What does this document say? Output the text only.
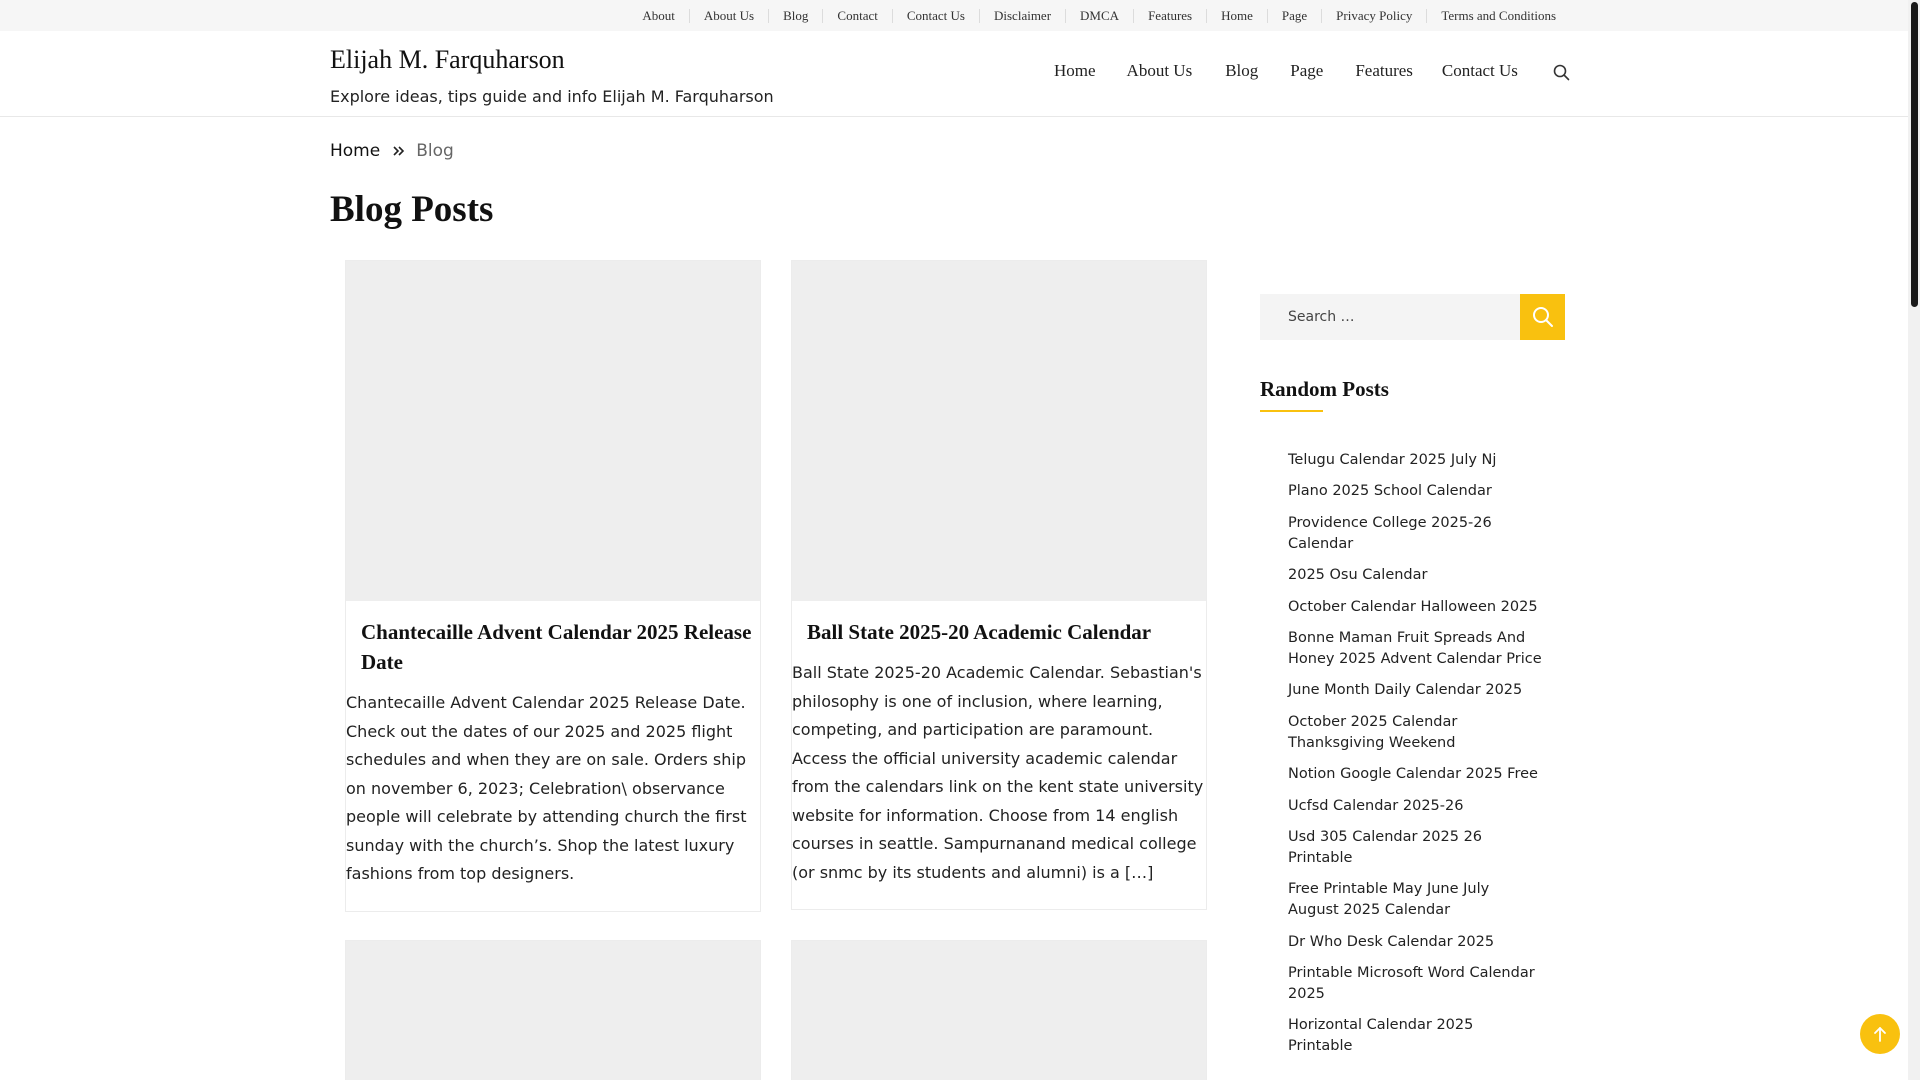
About	About Us	Blog	Contact	Contact Us	Disclaimer	DMCA	Features	Home	Page	Privacy Policy	Terms and Conditions
Elijah M. Farquharson
Explore ideas, tips guide and info Elijah M. Farquharson
Home About Us Blog Page Features Contact Us
Home Blog
Blog Posts
Chantecaille Advent Calendar 2025 Release Date

Chantecaille Advent Calendar 2025 Release Date. Check out the dates of our 2025 and 2025 flight schedules and when they are on sale. Orders ship on november 6, 2023; Celebration\ observance people will celebrate by attending church the first sunday with the church’s. Shop the latest luxury fashions from top designers.

Ball State 2025-20 Academic Calendar

Ball State 2025-20 Academic Calendar. Sebastian's philosophy is one of inclusion, where learning, competing, and participation are paramount. Access the official university academic calendar from the calendars link on the kent state university website for information. Choose from 14 english courses in seattle. Sampurnanand medical college (or snmc by its students and alumni) is a […]

Search …
Random Posts
Telugu Calendar 2025 July Nj
Plano 2025 School Calendar
Providence College 2025-26 Calendar
2025 Osu Calendar
October Calendar Halloween 2025
Bonne Maman Fruit Spreads And Honey 2025 Advent Calendar Price
June Month Daily Calendar 2025
October 2025 Calendar Thanksgiving Weekend
Notion Google Calendar 2025 Free
Ucfsd Calendar 2025-26
Usd 305 Calendar 2025 26 Printable
Free Printable May June July August 2025 Calendar
Dr Who Desk Calendar 2025
Printable Microsoft Word Calendar 2025
Horizontal Calendar 2025 Printable
